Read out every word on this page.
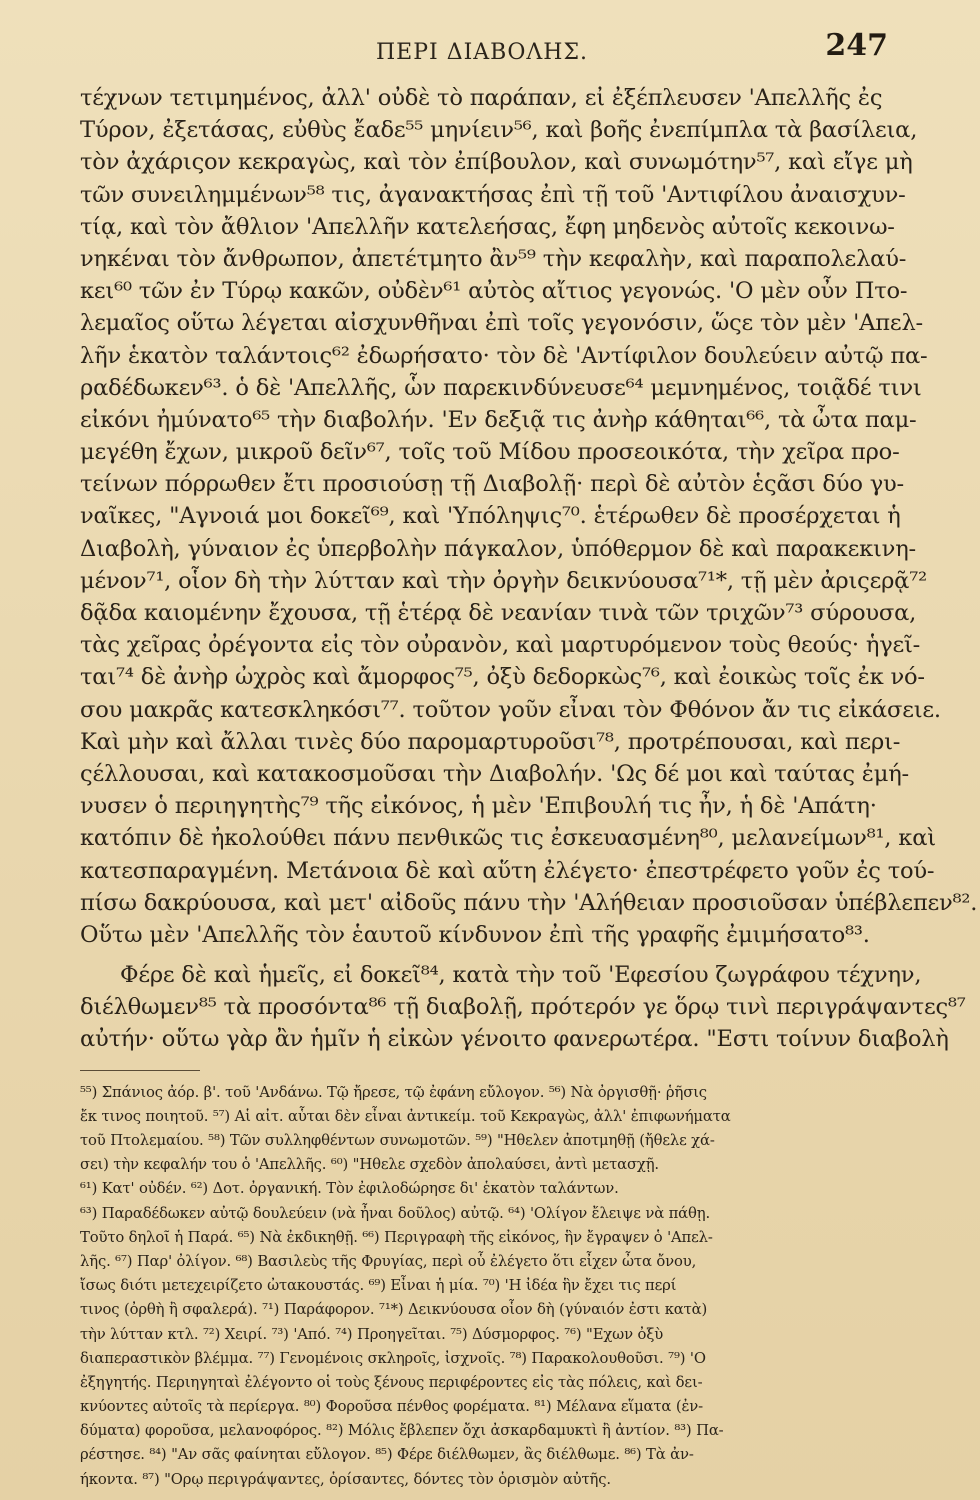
ΠΕΡΙ ΔΙΑΒΟΛΗΣ.	247
τέχνων τετιμημένος, ἀλλ' οὐδὲ τὸ παράπαν, εἰ ἐξέπλευσεν 'Απελλῆς ἐς
Τύρον, ἐξετάσας, εὐθὺς ἔαδε⁵⁵ μηνίειν⁵⁶, καὶ βοῆς ἐνεπίμπλα τὰ βασίλεια,
τὸν ἀχάριςον κεκραγὼς, καὶ τὸν ἐπίβουλον, καὶ συνωμότην⁵⁷, καὶ εἴγε μὴ
τῶν συνειλημμένων⁵⁸ τις, ἀγανακτήσας ἐπὶ τῇ τοῦ 'Αντιφίλου ἀναισχυν-
τίᾳ, καὶ τὸν ἄθλιον 'Απελλῆν κατελεήσας, ἔφη μηδενὸς αὐτοῖς κεκοινω-
νηκέναι τὸν ἄνθρωπον, ἀπετέτμητο ἂν⁵⁹ τὴν κεφαλὴν, καὶ παραπολελαύ-
κει⁶⁰ τῶν ἐν Τύρῳ κακῶν, οὐδὲν⁶¹ αὐτὸς αἴτιος γεγονώς. 'Ο μὲν οὖν Πτο-
λεμαῖος οὕτω λέγεται αἰσχυνθῆναι ἐπὶ τοῖς γεγονόσιν, ὥςε τὸν μὲν 'Απελ-
λῆν ἑκατὸν ταλάντοις⁶² ἐδωρήσατο· τὸν δὲ 'Αντίφιλον δουλεύειν αὐτῷ πα-
ραδέδωκεν⁶³. ὁ δὲ 'Απελλῆς, ὧν παρεκινδύνευσε⁶⁴ μεμνημένος, τοιᾷδέ τινι
εἰκόνι ἠμύνατο⁶⁵ τὴν διαβολήν. 'Εν δεξιᾷ τις ἀνὴρ κάθηται⁶⁶, τὰ ὦτα παμ-
μεγέθη ἔχων, μικροῦ δεῖν⁶⁷, τοῖς τοῦ Μίδου προσεοικότα, τὴν χεῖρα προ-
τείνων πόρρωθεν ἔτι προσιούσῃ τῇ Διαβολῇ· περὶ δὲ αὐτὸν ἑςᾶσι δύο γυ-
ναῖκες, "Αγνοιά μοι δοκεῖ⁶⁹, καὶ 'Υπόληψις⁷⁰. ἑτέρωθεν δὲ προσέρχεται ἡ
Διαβολὴ, γύναιον ἐς ὑπερβολὴν πάγκαλον, ὑπόθερμον δὲ καὶ παρακεκινη-
μένον⁷¹, οἷον δὴ τὴν λύτταν καὶ τὴν ὀργὴν δεικνύουσα⁷¹*, τῇ μὲν ἀριςερᾷ⁷²
δᾷδα καιομένην ἔχουσα, τῇ ἑτέρᾳ δὲ νεανίαν τινὰ τῶν τριχῶν⁷³ σύρουσα,
τὰς χεῖρας ὀρέγοντα εἰς τὸν οὐρανὸν, καὶ μαρτυρόμενον τοὺς θεούς· ἡγεῖ-
ται⁷⁴ δὲ ἀνὴρ ὠχρὸς καὶ ἄμορφος⁷⁵, ὀξὺ δεδορκὼς⁷⁶, καὶ ἐοικὼς τοῖς ἐκ νό-
σου μακρᾶς κατεσκληκόσι⁷⁷. τοῦτον γοῦν εἶναι τὸν Φθόνον ἄν τις εἰκάσειε.
Καὶ μὴν καὶ ἄλλαι τινὲς δύο παρομαρτυροῦσι⁷⁸, προτρέπουσαι, καὶ περι-
ςέλλουσαι, καὶ κατακοσμοῦσαι τὴν Διαβολήν. 'Ως δέ μοι καὶ ταύτας ἐμή-
νυσεν ὁ περιηγητὴς⁷⁹ τῆς εἰκόνος, ἡ μὲν 'Επιβουλή τις ἦν, ἡ δὲ 'Απάτη·
κατόπιν δὲ ἠκολούθει πάνυ πενθικῶς τις ἐσκευασμένη⁸⁰, μελανείμων⁸¹, καὶ
κατεσπαραγμένη. Μετάνοια δὲ καὶ αὕτη ἐλέγετο· ἐπεστρέφετο γοῦν ἐς τού-
πίσω δακρύουσα, καὶ μετ' αἰδοῦς πάνυ τὴν 'Αλήθειαν προσιοῦσαν ὑπέβλεπεν⁸².
Οὕτω μὲν 'Απελλῆς τὸν ἑαυτοῦ κίνδυνον ἐπὶ τῆς γραφῆς ἐμιμήσατο⁸³.
Φέρε δὲ καὶ ἡμεῖς, εἰ δοκεῖ⁸⁴, κατὰ τὴν τοῦ 'Εφεσίου ζωγράφου τέχνην,
διέλθωμεν⁸⁵ τὰ προσόντα⁸⁶ τῇ διαβολῇ, πρότερόν γε ὅρῳ τινὶ περιγράψαντες⁸⁷
αὐτήν· οὕτω γὰρ ἂν ἡμῖν ἡ εἰκὼν γένοιτο φανερωτέρα. "Εστι τοίνυν διαβολὴ
⁵⁵) Σπάνιος ἀόρ. β'. τοῦ 'Ανδάνω. Τῷ ἤρεσε, τῷ ἐφάνη εὔλογον. ⁵⁶) Νὰ ὀργισθῇ· ῥῆσις
ἔκ τινος ποιητοῦ. ⁵⁷) Αἱ αἰτ. αὗται δὲν εἶναι ἀντικείμ. τοῦ Κεκραγὼς, ἀλλ' ἐπιφωνήματα
τοῦ Πτολεμαίου. ⁵⁸) Τῶν συλληφθέντων συνωμοτῶν. ⁵⁹) "Ηθελεν ἀποτμηθῇ (ἤθελε χά-
σει) τὴν κεφαλήν του ὁ 'Απελλῆς. ⁶⁰) "Ηθελε σχεδὸν ἀπολαύσει, ἀντὶ μετασχῇ.
⁶¹) Κατ' οὐδέν. ⁶²) Δοτ. ὀργανική. Τὸν ἐφιλοδώρησε δι' ἑκατὸν ταλάντων.
⁶³) Παραδέδωκεν αὐτῷ δουλεύειν (νὰ ἦναι δοῦλος) αὐτῷ. ⁶⁴) 'Ολίγον ἔλειψε νὰ πάθῃ.
Τοῦτο δηλοῖ ἡ Παρά. ⁶⁵) Νὰ ἐκδικηθῇ. ⁶⁶) Περιγραφὴ τῆς εἰκόνος, ἣν ἔγραψεν ὁ 'Απελ-
λῆς. ⁶⁷) Παρ' ὀλίγον. ⁶⁸) Βασιλεὺς τῆς Φρυγίας, περὶ οὗ ἐλέγετο ὅτι εἶχεν ὦτα ὄνου,
ἴσως διότι μετεχειρίζετο ὠτακουστάς. ⁶⁹) Εἶναι ἡ μία. ⁷⁰) 'Η ἰδέα ἣν ἔχει τις περί
τινος (ὀρθὴ ἢ σφαλερά). ⁷¹) Παράφορον. ⁷¹*) Δεικνύουσα οἷον δὴ (γύναιόν ἐστι κατὰ)
τὴν λύτταν κτλ. ⁷²) Χειρί. ⁷³) 'Από. ⁷⁴) Προηγεῖται. ⁷⁵) Δύσμορφος. ⁷⁶) "Εχων ὀξὺ
διαπεραστικὸν βλέμμα. ⁷⁷) Γενομένοις σκληροῖς, ἰσχνοῖς. ⁷⁸) Παρακολουθοῦσι. ⁷⁹) 'Ο
ἐξηγητής. Περιηγηταὶ ἐλέγοντο οἱ τοὺς ξένους περιφέροντες εἰς τὰς πόλεις, καὶ δει-
κνύοντες αὐτοῖς τὰ περίεργα. ⁸⁰) Φοροῦσα πένθος φορέματα. ⁸¹) Μέλανα εἵματα (ἐν-
δύματα) φοροῦσα, μελανοφόρος. ⁸²) Μόλις ἔβλεπεν ὄχι ἀσκαρδαμυκτὶ ἢ ἀντίον. ⁸³) Πα-
ρέστησε. ⁸⁴) "Αν σᾶς φαίνηται εὔλογον. ⁸⁵) Φέρε διέλθωμεν, ἂς διέλθωμε. ⁸⁶) Τὰ ἀν-
ήκοντα. ⁸⁷) "Ορῳ περιγράψαντες, ὁρίσαντες, δόντες τὸν ὁρισμὸν αὐτῆς.
